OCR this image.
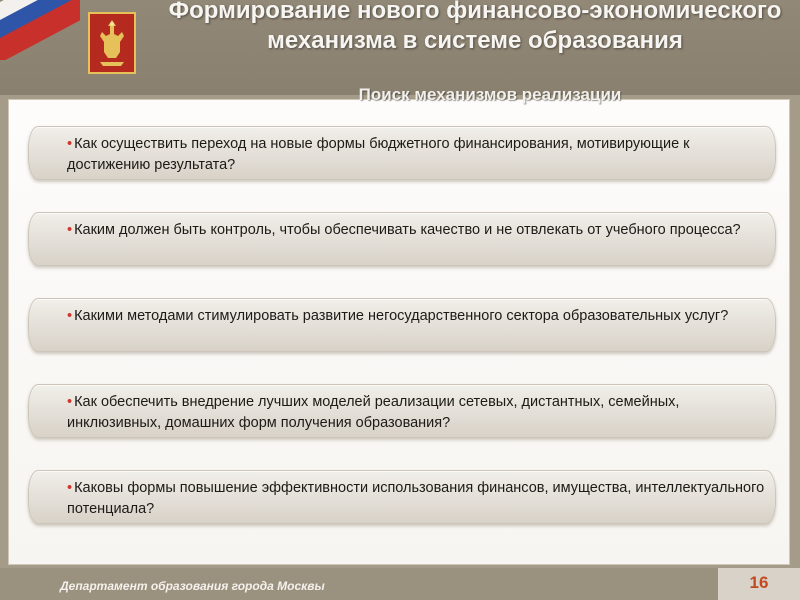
Формирование нового финансово-экономического механизма в системе образования
Поиск механизмов реализации
• Как осуществить переход на новые формы бюджетного финансирования, мотивирующие к достижению результата?
• Каким должен быть контроль, чтобы обеспечивать качество и не отвлекать от учебного процесса?
• Какими методами стимулировать развитие негосударственного сектора образовательных услуг?
• Как обеспечить внедрение лучших моделей реализации сетевых, дистантных, семейных, инклюзивных, домашних форм получения образования?
• Каковы формы повышение эффективности использования финансов, имущества, интеллектуального потенциала?
Департамент образования города Москвы	16
